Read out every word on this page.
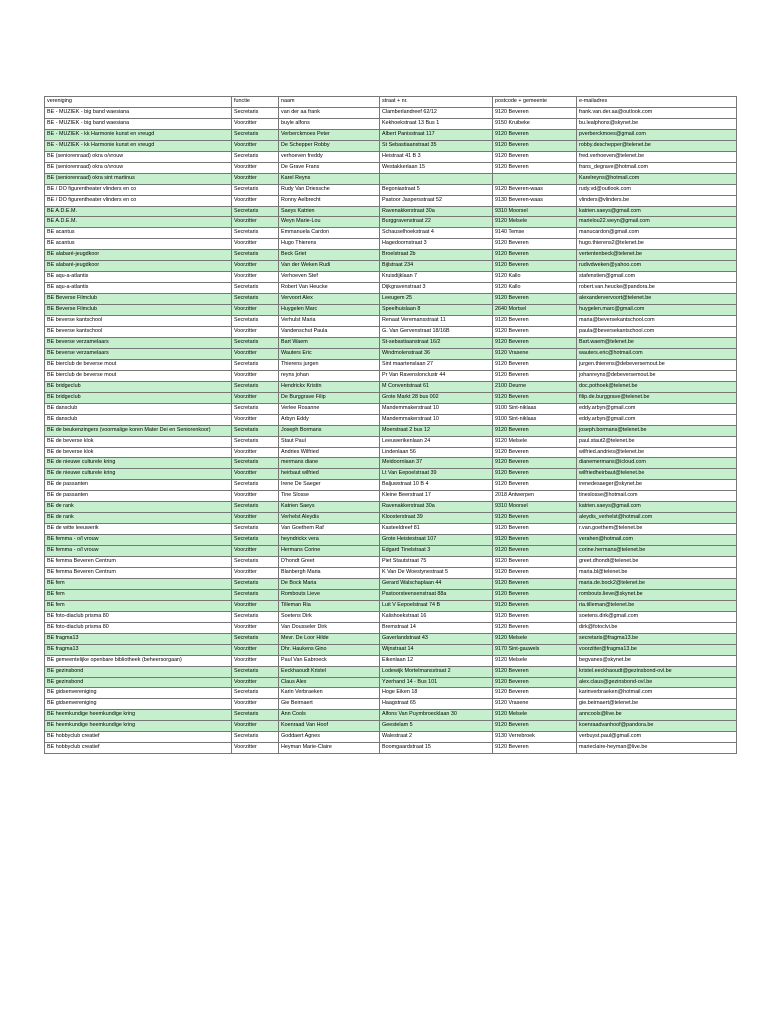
vereniging	functie	naam	straat + nr.	postcode + gemeente	e-mailadres
BE - MUZIEK - big band waesiana	Secretaris	van der aa frank	Clamberlandreef 62/12	9120 Beveren	frank.van.der.aa@outlook.com
BE - MUZIEK - big band waesiana	Voorzitter	buyle alfons	Kekhoekstraat 13 Bus 1	9150 Kruibeke	bu.lealphons@skynet.be
BE - MUZIEK - kk Harmonie kunst en vreugd	Secretaris	Verberckmoes Peter	Albert Panisstraat 117	9120 Beveren	pverberckmoes@gmail.com
BE - MUZIEK - kk Harmonie kunst en vreugd	Voorzitter	De Schepper Robby	St Sebastiaanstraat 35	9120 Beveren	robby.deschepper@telenet.be
BE (seniorenraad) okra o/vrouw	Secretaris	verhoeven freddy	Heistraat 41 B 3	9120 Beveren	fred.verhoeven@telenet.be
BE (seniorenraad) okra o/vrouw	Voorzitter	De Grave Frans	Westakkerlaan 15	9120 Beveren	frans_degrave@hotmail.com
BE (seniorenraad) okra sint martinus	Voorzitter	Karel Reyns			Karelreyns@hotmail.com
BE / DO figurentheater vlinders en co	Secretaris	Rudy Van Driessche	Begoniastraat 5	9120 Beveren-waas	rudy.vd@outlook.com
BE / DO figurentheater vlinders en co	Voorzitter	Ronny Aelbrecht	Pastoor Jaspersstraat 52	9130 Beveren-waas	vlinders@vlinders.be
BE A.D.E.M.	Secretaris	Saeys Katrien	Ravenakkerstraat 30a	9310 Moorsel	katrien.saeys@gmail.com
BE A.D.E.M.	Voorzitter	Weyn Marie-Lou	Burggravenstraat 22	9120 Melsele	marielou22.weyn@gmail.com
BE acantus	Secretaris	Emmanuela Cardon	Schauselhoekstraat 4	9140 Temse	manucardon@gmail.com
BE acantus	Voorzitter	Hugo Thierens	Hagedoornstraat 3	9120 Beveren	hugo.thierens2@telenet.be
BE alabaré-jeugdkoor	Secretaris	Beck Griet	Broelstraat 2b	9120 Beveren	vertentenbeck@telenet.be
BE alabaré-jeugdkoor	Voorzitter	Van der Weken Rudi	Bijlstraat 234	9120 Beveren	rudivdweken@yahoo.com
BE aqu-a-atlantis	Voorzitter	Verhoeven Stef	Kruisdijklaan 7	9120 Kallo	stafenstien@gmail.com
BE aqu-a-atlantis	Secretaris	Robert Van Heucke	Dijkgravenstraat 3	9120 Kallo	robert.van.heucke@pandora.be
BE Beverse Filmclub	Secretaris	Vervoort Alex	Leeugem 25	9120 Beveren	alexandervervoort@telenet.be
BE Beverse Filmclub	Voorzitter	Huygelen Marc	Speelhuislaan 8	2640 Mortsel	huygelen.marc@gmail.com
BE beverse kantschool	Secretaris	Verhulst Maria	Renaat Veremansstraat 11	9120 Beveren	maria@beversekantschool.com
BE beverse kantschool	Voorzitter	Vandenschut Paula	G. Van Gervenstraat 18/16B	9120 Beveren	paula@beversekantschool.com
BE beverse verzamelaars	Secretaris	Bart Waem	St-sebastiaanstraat 16/2	9120 Beveren	Bart.waem@telenet.be
BE beverse verzamelaars	Voorzitter	Wauters Eric	Windmolenstraat 36	9120 Vrasene	wauters.eric@hotmail.com
BE bierclub de beverse mout	Secretaris	Thierens jurgen	Sint maartenslaan 27	9120 Beveren	jurgen.thierens@debeversemout.be
BE bierclub de beverse mout	Voorzitter	reyns johan	Pr Van Ravenslonclustr 44	9120 Beveren	johanreyns@debeversemout.be
BE bridgeclub	Secretaris	Hendrickx Kristin	M Conventstraat 61	2100 Deurne	doc.pothoek@telenet.be
BE bridgeclub	Voorzitter	De Burggrave Filip	Grote Markt 28 bus 002	9120 Beveren	filip.de.burggrave@telenet.be
BE dansclub	Secretaris	Verlee Rosanne	Mandemmakerstraat 10	9100 Sint-niklaas	eddy.arbyn@gmail.com
BE dansclub	Voorzitter	Arbyn Eddy	Mandemmakerstraat 10	9100 Sint-niklaas	eddy.arbyn@gmail.com
BE de beukenzingers (voormalige koren Mater Dei en Seniorenkoor)	Secretaris	Joseph Bormans	Moerstraat 2 bus 12	9120 Beveren	joseph.bormans@telenet.be
BE de beverse klok	Secretaris	Staut Paul	Leeuwerikenlaan 24	9120 Melsele	paul.staut2@telenet.be
BE de beverse klok	Voorzitter	Andries Wilfried	Lindenlaan 56	9120 Beveren	wilfried.andries@telenet.be
BE de nieuwe culturele kring	Secretaris	mermans diane	Meidoornlaan 37	9120 Beveren	dianemermans@icloud.com
BE de nieuwe culturele kring	Voorzitter	heirbaut wilfried	Lt Van Eepoelstraat 39	9120 Beveren	wilfriedheirbaut@telenet.be
BE de passanten	Secretaris	Irene De Saeger	Baljuwstraat 10 B 4	9120 Beveren	irenedesaeger@skynet.be
BE de passanten	Voorzitter	Tine Slosse	Kleine Beerstraat 17	2018 Antwerpen	tineslosse@hotmail.com
BE de rank	Secretaris	Katrien Saeys	Ravenakkerstraat 30a	9310 Moorsel	katrien.saeys@gmail.com
BE de rank	Voorzitter	Verhelst Aleydis	Kloosterstraat 39	9120 Beveren	aleydis_verhelst@hotmail.com
BE de witte leeuwerik	Secretaris	Van Goethem Raf	Kasteeldreef 81	9120 Beveren	r.van.goethem@telenet.be
BE femma - o/l vrouw	Secretaris	heyndrickx vera	Grote Heistestraat 107	9120 Beveren	verahen@hotmail.com
BE femma - o/l vrouw	Voorzitter	Hermans Corine	Edgard Tinelstraat 3	9120 Beveren	corine.hermans@telenet.be
BE femma Beveren Centrum	Secretaris	D'hondt Greet	Piet Stautstraat 75	9120 Beveren	greet.dhondt@telenet.be
BE femma Beveren Centrum	Voorzitter	Blanbergh Maria	K Van De Woestynestraat 5	9120 Beveren	maria.bl@telenet.be
BE fem	Secretaris	De Bock Maria	Gerard Walschaplaan 44	9120 Beveren	maria.de.bock2@telenet.be
BE fem	Secretaris	Rombouts Lieve	Pastoorsteensenstraat 88a	9120 Beveren	rombouts.lieve@skynet.be
BE fem	Voorzitter	Tilleman Ria	Luit V Eepoelstraat 74 B	9120 Beveren	ria.tilleman@telenet.be
BE foto-diaclub prisma 80	Secretaris	Soetens Dirk	Kalishoekstraat 16	9120 Beveren	soetens.dirk@gmail.com
BE foto-diaclub prisma 80	Voorzitter	Van Dousseler Dirk	Bremstraat 14	9120 Beveren	dirk@fotoclvi.be
BE fragma13	Secretaris	Mevr. De Loor Hilde	Gaverlandstraat 43	9120 Melsele	secretaris@fragma13.be
BE fragma13	Voorzitter	Dhr. Haukens Gino	Wijnstraat 14	9170 Sint-gauwels	voorzitter@fragma13.be
BE gemeentelijke openbare bibliotheek (beheersorgaan)	Voorzitter	Paul Van Eabroeck	Eikenlaan 12	9120 Melsele	begvanes@skynet.be
BE gezinsbond	Secretaris	Eeckhaoudt Kristel	Lodewijk Mortelmansstraat 2	9120 Beveren	kristel.eeckhaoudt@gezinsbond-ovl.be
BE gezinsbond	Voorzitter	Claus Alex	Yzerhand 14 - Bus 101	9120 Beveren	alex.claus@gezinsbond-ovl.be
BE gidsenvereniging	Secretaris	Karin Verbraeken	Hoge Eiken 18	9120 Beveren	karinverbraeken@hotmail.com
BE gidsenvereniging	Voorzitter	Gie Beirnaert	Haagstraat 65	9120 Vrasene	gie.beirnaert@telenet.be
BE heemkundige heemkundige kring	Secretaris	Ann Cools	Alfons Van Puymbroecklaan 30	9120 Melsele	anncools@live.be
BE heemkundige heemkundige kring	Voorzitter	Koenraad Van Hoof	Geestelam 5	9120 Beveren	koenraadvanhoof@pandora.be
BE hobbyclub creatief	Secretaris	Goddaert Agnes	Walestraat 2	9130 Verrebroek	verbuyst.paul@gmail.com
BE hobbyclub creatief	Voorzitter	Heyman Marie-Claire	Boomgaardstraat 15	9120 Beveren	marieclaire-heyman@live.be
